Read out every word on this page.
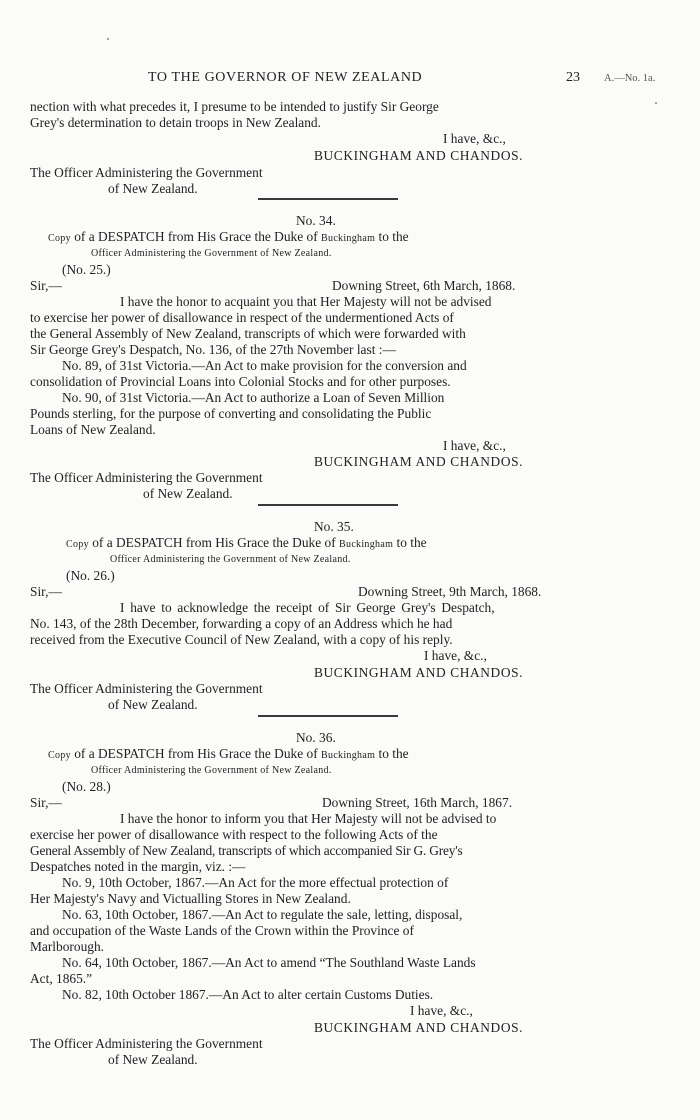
TO THE GOVERNOR OF NEW ZEALAND	23 A.—No. 1a.
nection with what precedes it, I presume to be intended to justify Sir George
Grey's determination to detain troops in New Zealand.
I have, &c.,
BUCKINGHAM AND CHANDOS.
The Officer Administering the Government
of New Zealand.
No. 34.
Copy of a DESPATCH from His Grace the Duke of Buckingham to the
Officer Administering the Government of New Zealand.
(No. 25.)
Sir,—	Downing Street, 6th March, 1868.
I have the honor to acquaint you that Her Majesty will not be advised
to exercise her power of disallowance in respect of the undermentioned Acts of
the General Assembly of New Zealand, transcripts of which were forwarded with
Sir George Grey's Despatch, No. 136, of the 27th November last :—
No. 89, of 31st Victoria.—An Act to make provision for the conversion and
consolidation of Provincial Loans into Colonial Stocks and for other purposes.
No. 90, of 31st Victoria.—An Act to authorize a Loan of Seven Million
Pounds sterling, for the purpose of converting and consolidating the Public
Loans of New Zealand.
I have, &c.,
BUCKINGHAM AND CHANDOS.
The Officer Administering the Government
of New Zealand.
No. 35.
Copy of a DESPATCH from His Grace the Duke of Buckingham to the
Officer Administering the Government of New Zealand.
(No. 26.)
Sir,—	Downing Street, 9th March, 1868.
I have to acknowledge the receipt of Sir George Grey's Despatch,
No. 143, of the 28th December, forwarding a copy of an Address which he had
received from the Executive Council of New Zealand, with a copy of his reply.
I have, &c.,
BUCKINGHAM AND CHANDOS.
The Officer Administering the Government
of New Zealand.
No. 36.
Copy of a DESPATCH from His Grace the Duke of Buckingham to the
Officer Administering the Government of New Zealand.
(No. 28.)
Sir,—	Downing Street, 16th March, 1867.
I have the honor to inform you that Her Majesty will not be advised to
exercise her power of disallowance with respect to the following Acts of the
General Assembly of New Zealand, transcripts of which accompanied Sir G. Grey's
Despatches noted in the margin, viz. :—
No. 9, 10th October, 1867.—An Act for the more effectual protection of
Her Majesty's Navy and Victualling Stores in New Zealand.
No. 63, 10th October, 1867.—An Act to regulate the sale, letting, disposal,
and occupation of the Waste Lands of the Crown within the Province of
Marlborough.
No. 64, 10th October, 1867.—An Act to amend “The Southland Waste Lands
Act, 1865.”
No. 82, 10th October 1867.—An Act to alter certain Customs Duties.
I have, &c.,
BUCKINGHAM AND CHANDOS.
The Officer Administering the Government
of New Zealand.
